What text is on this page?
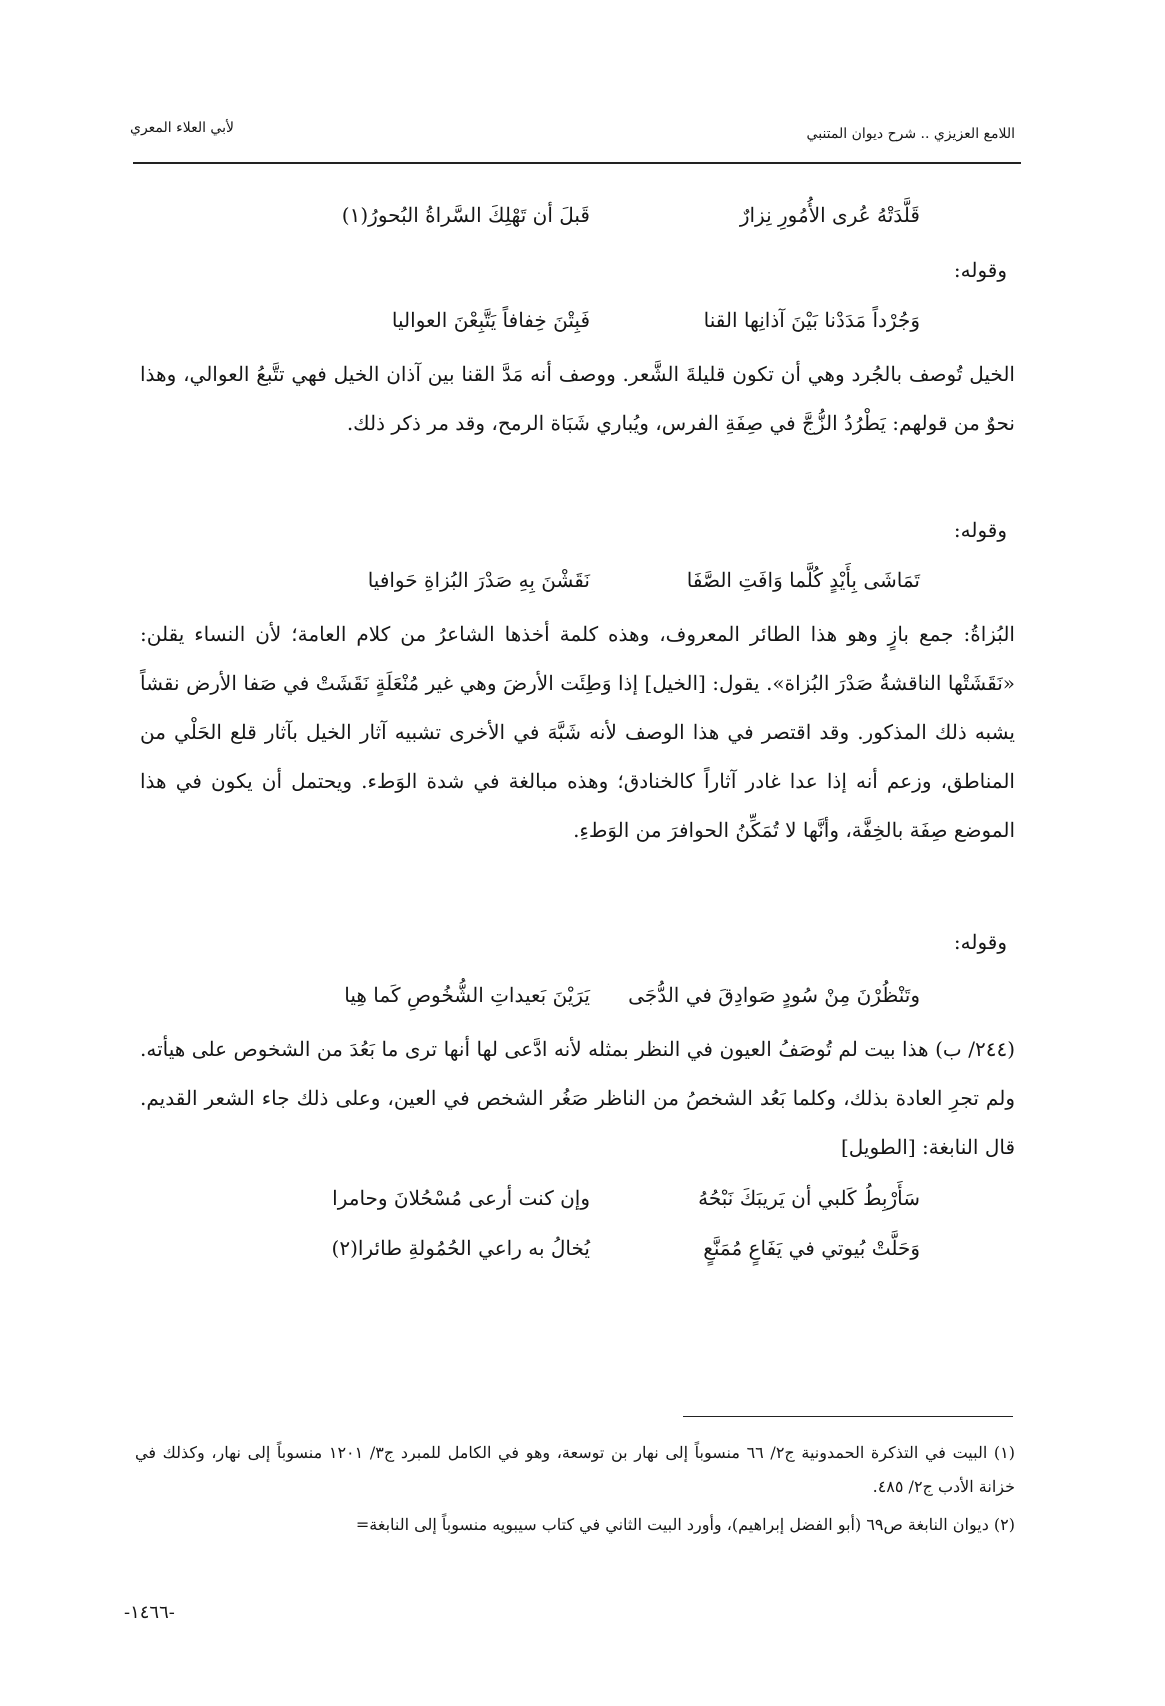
اللامع العزيزي .. شرح ديوان المتنبي
لأبي العلاء المعري
قَلَّدَتْهُ عُرى الأُمُورِ نِزارٌ
قَبلَ أن تَهْلِكَ السَّراةُ البُحورُ(١)
وقوله:
وَجُرْداً مَدَدْنا بَيْنَ آذانِها القنا
فَبِتْنَ خِفافاً يَتَّبِعْنَ العواليا
الخيل تُوصف بالجُرد وهي أن تكون قليلةَ الشَّعر. ووصف أنه مَدَّ القنا بين آذان الخيل فهي تتَّبعُ العوالي، وهذا نحوٌ من قولهم: يَطْرُدُ الزُّجَّ في صِفَةِ الفرس، ويُباري شَبَاة الرمح، وقد مر ذكر ذلك.
وقوله:
تَمَاشَى بِأَيْدٍ كُلَّما وَافَتِ الصَّفَا
نَقَشْنَ بِهِ صَدْرَ البُزاةِ حَوافيا
البُزاةُ: جمع بازٍ وهو هذا الطائر المعروف، وهذه كلمة أخذها الشاعرُ من كلام العامة؛ لأن النساء يقلن: «نَقَشَتْها الناقشةُ صَدْرَ البُزاة». يقول: [الخيل] إذا وَطِئَت الأرضَ وهي غير مُنْعَلَةٍ نَقَشَتْ في صَفا الأرض نقشاً يشبه ذلك المذكور. وقد اقتصر في هذا الوصف لأنه شَبَّهَ في الأخرى تشبيه آثار الخيل بآثار قلع الحَلْي من المناطق، وزعم أنه إذا عدا غادر آثاراً كالخنادق؛ وهذه مبالغة في شدة الوَطء. ويحتمل أن يكون في هذا الموضع صِفَة بالخِفَّة، وأنَّها لا تُمَكِّنُ الحوافرَ من الوَطءِ.
وقوله:
وتَنْظُرْنَ مِنْ سُودٍ صَوادِقَ في الدُّجَى
يَرَيْنَ بَعيداتِ الشُّخُوصِ كَما هِيا
(٢٤٤/ ب) هذا بيت لم تُوصَفُ العيون في النظر بمثله لأنه ادَّعى لها أنها ترى ما بَعُدَ من الشخوص على هيأته. ولم تجرِ العادة بذلك، وكلما بَعُد الشخصُ من الناظر صَغُر الشخص في العين، وعلى ذلك جاء الشعر القديم. قال النابغة: [الطويل]
سَأَرْبِطُ كَلبي أن يَريبَكَ نَبْحُهُ
وإن كنت أرعى مُسْحُلانَ وحامرا
وَحَلَّتْ بُيوتي في يَفَاعٍ مُمَنَّعٍ
يُخالُ به راعي الحُمُولةِ طائرا(٢)
(١) البيت في التذكرة الحمدونية ج٢/ ٦٦ منسوباً إلى نهار بن توسعة، وهو في الكامل للمبرد ج٣/ ١٢٠١ منسوباً إلى نهار، وكذلك في خزانة الأدب ج٢/ ٤٨٥.
(٢) ديوان النابغة ص٦٩ (أبو الفضل إبراهيم)، وأورد البيت الثاني في كتاب سيبويه منسوباً إلى النابغة=
-١٤٦٦-
